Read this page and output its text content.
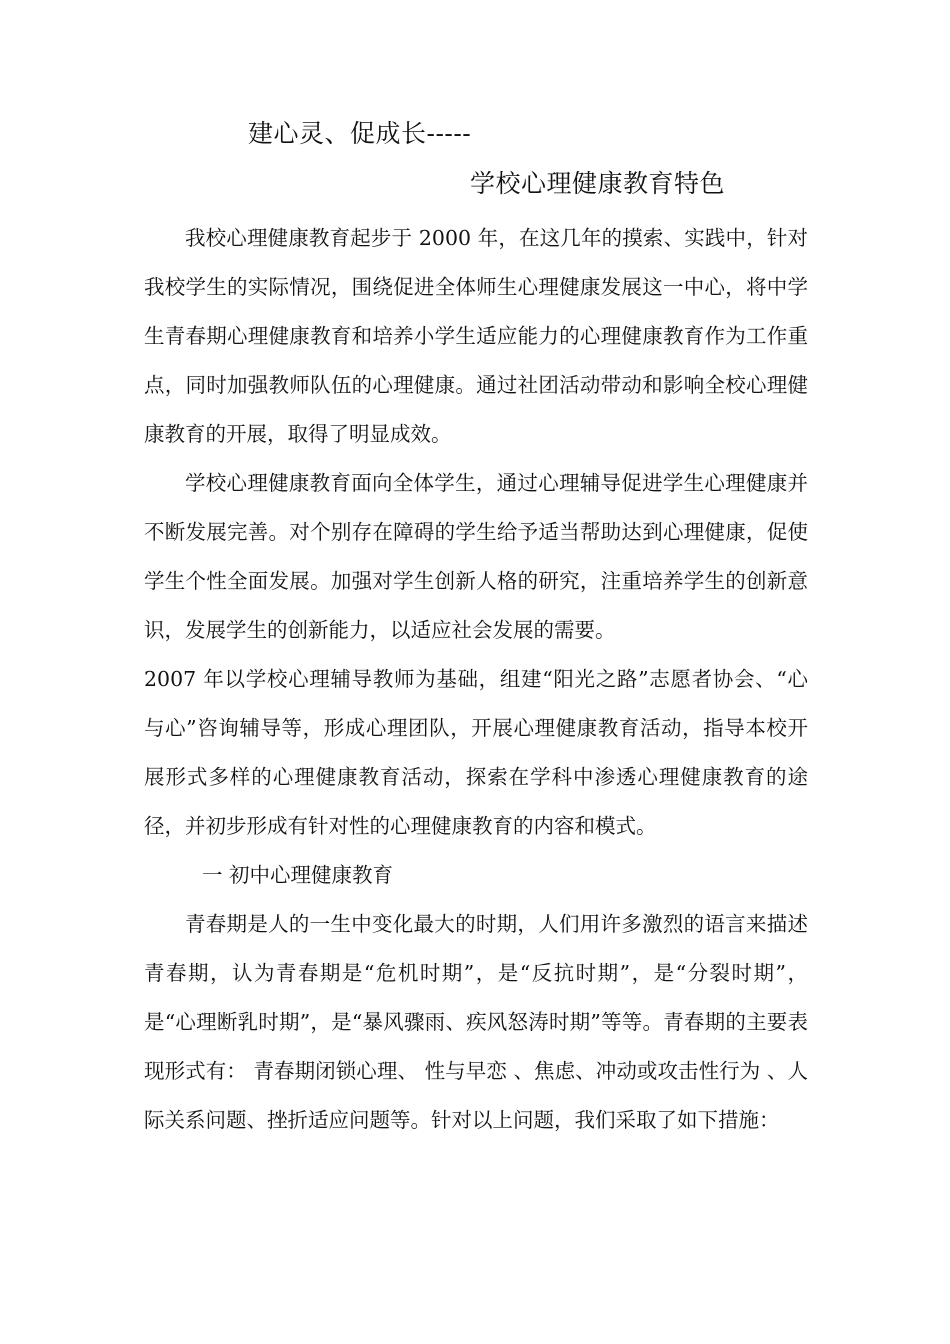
建心灵、促成长-----
学校心理健康教育特色

我校心理健康教育起步于 2000 年，在这几年的摸索、实践中，针对我校学生的实际情况，围绕促进全体师生心理健康发展这一中心，将中学生青春期心理健康教育和培养小学生适应能力的心理健康教育作为工作重点，同时加强教师队伍的心理健康。通过社团活动带动和影响全校心理健康教育的开展，取得了明显成效。

学校心理健康教育面向全体学生，通过心理辅导促进学生心理健康并不断发展完善。对个别存在障碍的学生给予适当帮助达到心理健康，促使学生个性全面发展。加强对学生创新人格的研究，注重培养学生的创新意识，发展学生的创新能力，以适应社会发展的需要。

2007 年以学校心理辅导教师为基础，组建“阳光之路”志愿者协会、“心与心”咨询辅导等，形成心理团队，开展心理健康教育活动，指导本校开展形式多样的心理健康教育活动，探索在学科中渗透心理健康教育的途径，并初步形成有针对性的心理健康教育的内容和模式。

一 初中心理健康教育

青春期是人的一生中变化最大的时期，人们用许多激烈的语言来描述青春期，认为青春期是“危机时期”，是“反抗时期”，是“分裂时期”，是“心理断乳时期”，是“暴风骤雨、疾风怒涛时期”等等。青春期的主要表现形式有： 青春期闭锁心理、 性与早恋 、焦虑、冲动或攻击性行为 、人际关系问题、挫折适应问题等。针对以上问题，我们采取了如下措施：
